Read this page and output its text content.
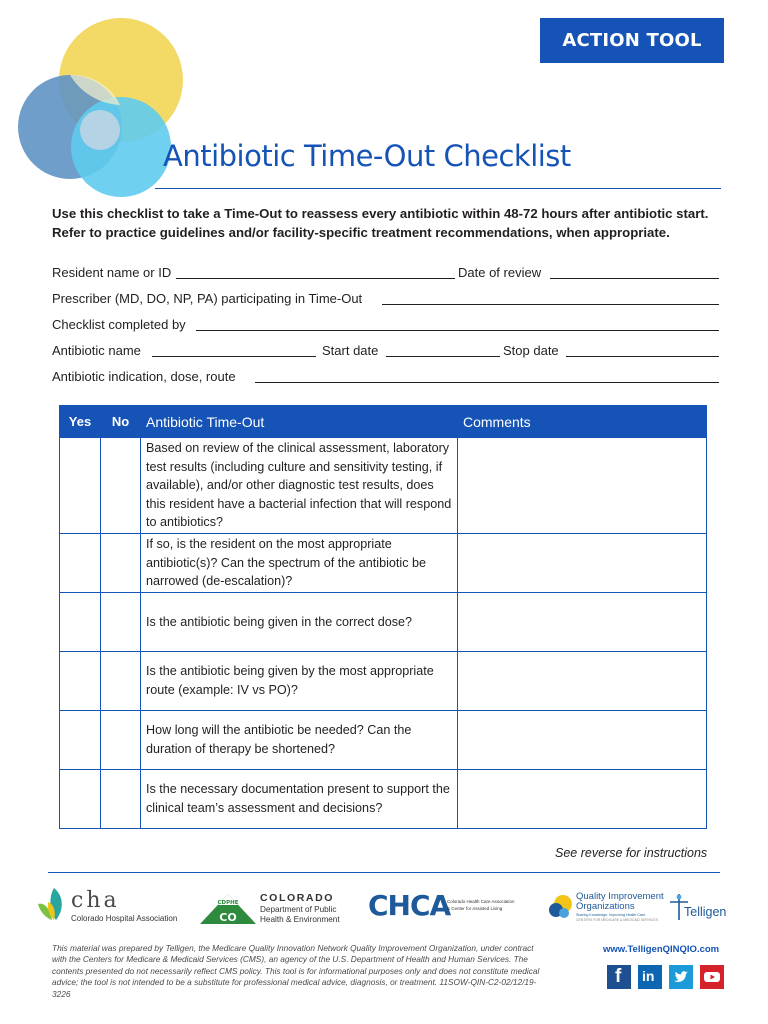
ACTION TOOL
Antibiotic Time-Out Checklist
Use this checklist to take a Time-Out to reassess every antibiotic within 48-72 hours after antibiotic start.
Refer to practice guidelines and/or facility-specific treatment recommendations, when appropriate.
Resident name or ID	Date of review
Prescriber (MD, DO, NP, PA) participating in Time-Out
Checklist completed by
Antibiotic name	Start date	Stop date
Antibiotic indication, dose, route
Yes	No	Antibiotic Time-Out	Comments
		Based on review of the clinical assessment, laboratory test results (including culture and sensitivity testing, if available), and/or other diagnostic test results, does this resident have a bacterial infection that will respond to antibiotics?	
		If so, is the resident on the most appropriate antibiotic(s)? Can the spectrum of the antibiotic be narrowed (de-escalation)?	
		Is the antibiotic being given in the correct dose?	
		Is the antibiotic being given by the most appropriate route (example: IV vs PO)?	
		How long will the antibiotic be needed? Can the duration of therapy be shortened?	
		Is the necessary documentation present to support the clinical team’s assessment and decisions?	
See reverse for instructions
cha
Colorado Hospital Association
CDPHE
CO
COLORADO
Department of Public
Health & Environment CHCA
Colorado Health Care Association
& Center for Assisted Living
Quality Improvement
Organizations
Sharing Knowledge. Improving Health Care.
CENTERS FOR MEDICARE & MEDICAID SERVICES
Telligen
This material was prepared by Telligen, the Medicare Quality Innovation Network Quality Improvement Organization, under contract with the Centers for Medicare & Medicaid Services (CMS), an agency of the U.S. Department of Health and Human Services. The contents presented do not necessarily reflect CMS policy. This tool is for informational purposes only and does not constitute medical advice; the tool is not intended to be a substitute for professional medical advice, diagnosis, or treatment. 11SOW-QIN-C2-02/12/19-3226
www.TelligenQINQIO.com
f in
